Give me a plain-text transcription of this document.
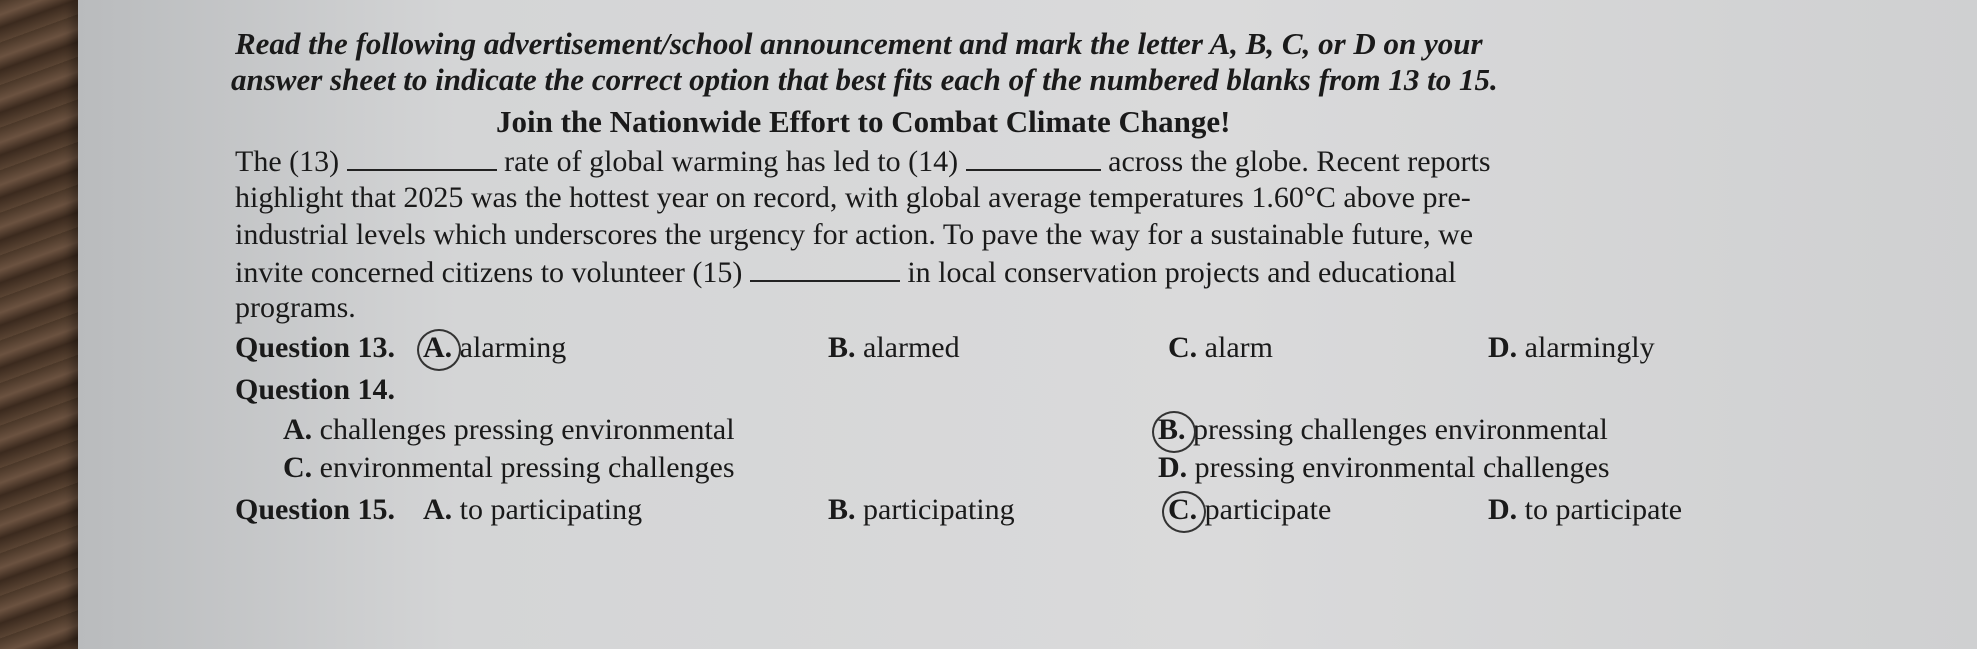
Read the following advertisement/school announcement and mark the letter A, B, C, or D on your
answer sheet to indicate the correct option that best fits each of the numbered blanks from 13 to 15.
Join the Nationwide Effort to Combat Climate Change!
The (13)	rate of global warming has led to (14)	across the globe. Recent reports
highlight that 2025 was the hottest year on record, with global average temperatures 1.60°C above pre-
industrial levels which underscores the urgency for action. To pave the way for a sustainable future, we
invite concerned citizens to volunteer (15)	in local conservation projects and educational
programs.
Question 13. A. alarming	B. alarmed	C. alarm	D. alarmingly
Question 14.
A. challenges pressing environmental	B. pressing challenges environmental
C. environmental pressing challenges	D. pressing environmental challenges
Question 15. A. to participating	B. participating	C. participate	D. to participate
